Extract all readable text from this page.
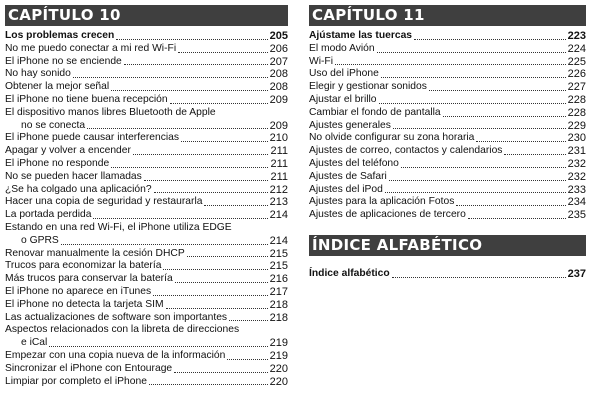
CAPÍTULO 10
Los problemas crecen	205
No me puedo conectar a mi red Wi-Fi	206
El iPhone no se enciende	207
No hay sonido	208
Obtener la mejor señal	208
El iPhone no tiene buena recepción	209
El dispositivo manos libres Bluetooth de Apple
no se conecta	209
El iPhone puede causar interferencias	210
Apagar y volver a encender	211
El iPhone no responde	211
No se pueden hacer llamadas	211
¿Se ha colgado una aplicación?	212
Hacer una copia de seguridad y restaurarla	213
La portada perdida	214
Estando en una red Wi-Fi, el iPhone utiliza EDGE
o GPRS	214
Renovar manualmente la cesión DHCP	215
Trucos para economizar la batería	215
Más trucos para conservar la batería	216
El iPhone no aparece en iTunes	217
El iPhone no detecta la tarjeta SIM	218
Las actualizaciones de software son importantes	218
Aspectos relacionados con la libreta de direcciones
e iCal	219
Empezar con una copia nueva de la información	219
Sincronizar el iPhone con Entourage	220
Limpiar por completo el iPhone	220
CAPÍTULO 11
Ajústame las tuercas	223
El modo Avión	224
Wi-Fi	225
Uso del iPhone	226
Elegir y gestionar sonidos	227
Ajustar el brillo	228
Cambiar el fondo de pantalla	228
Ajustes generales	229
No olvide configurar su zona horaria	230
Ajustes de correo, contactos y calendarios	231
Ajustes del teléfono	232
Ajustes de Safari	232
Ajustes del iPod	233
Ajustes para la aplicación Fotos	234
Ajustes de aplicaciones de tercero	235
ÍNDICE ALFABÉTICO
Índice alfabético	237
